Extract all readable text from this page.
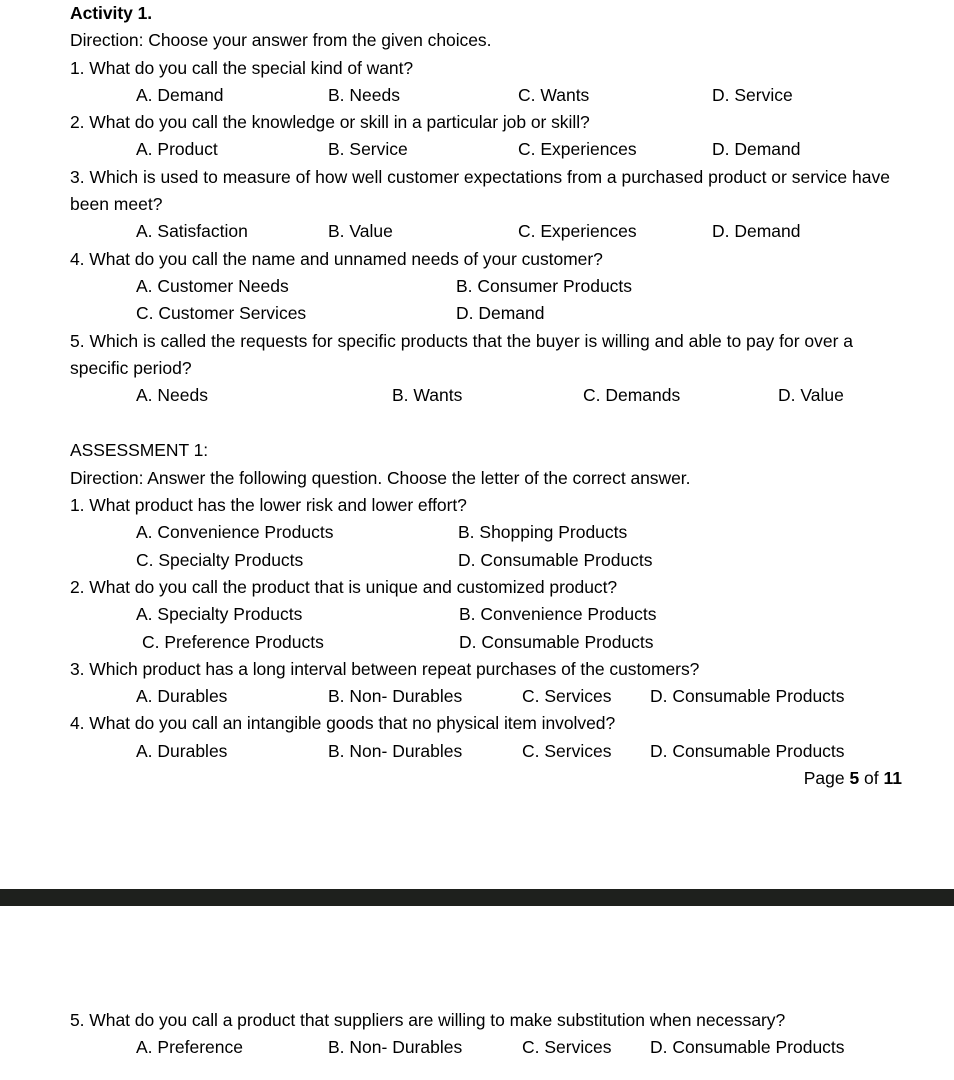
Activity 1.
Direction: Choose your answer from the given choices.
1. What do you call the special kind of want?
A. Demand	B. Needs	C. Wants	D. Service
2. What do you call the knowledge or skill in a particular job or skill?
A. Product	B. Service	C. Experiences	D. Demand
3. Which is used to measure of how well customer expectations from a purchased product or service have been meet?
A. Satisfaction	B. Value	C. Experiences	D. Demand
4. What do you call the name and unnamed needs of your customer?
A. Customer Needs	B. Consumer Products
C. Customer Services	D. Demand
5. Which is called the requests for specific products that the buyer is willing and able to pay for over a specific period?
A. Needs	B. Wants	C. Demands	D. Value
ASSESSMENT 1:
Direction: Answer the following question. Choose the letter of the correct answer.
1. What product has the lower risk and lower effort?
A. Convenience Products	B. Shopping Products
C. Specialty Products	D. Consumable Products
2. What do you call the product that is unique and customized product?
A. Specialty Products	B. Convenience Products
C. Preference Products	D. Consumable Products
3. Which product has a long interval between repeat purchases of the customers?
A. Durables	B. Non- Durables	C. Services D. Consumable Products
4. What do you call an intangible goods that no physical item involved?
A. Durables	B. Non- Durables	C. Services D. Consumable Products
Page 5 of 11
5. What do you call a product that suppliers are willing to make substitution when necessary?
A. Preference	B. Non- Durables	C. Services D. Consumable Products
